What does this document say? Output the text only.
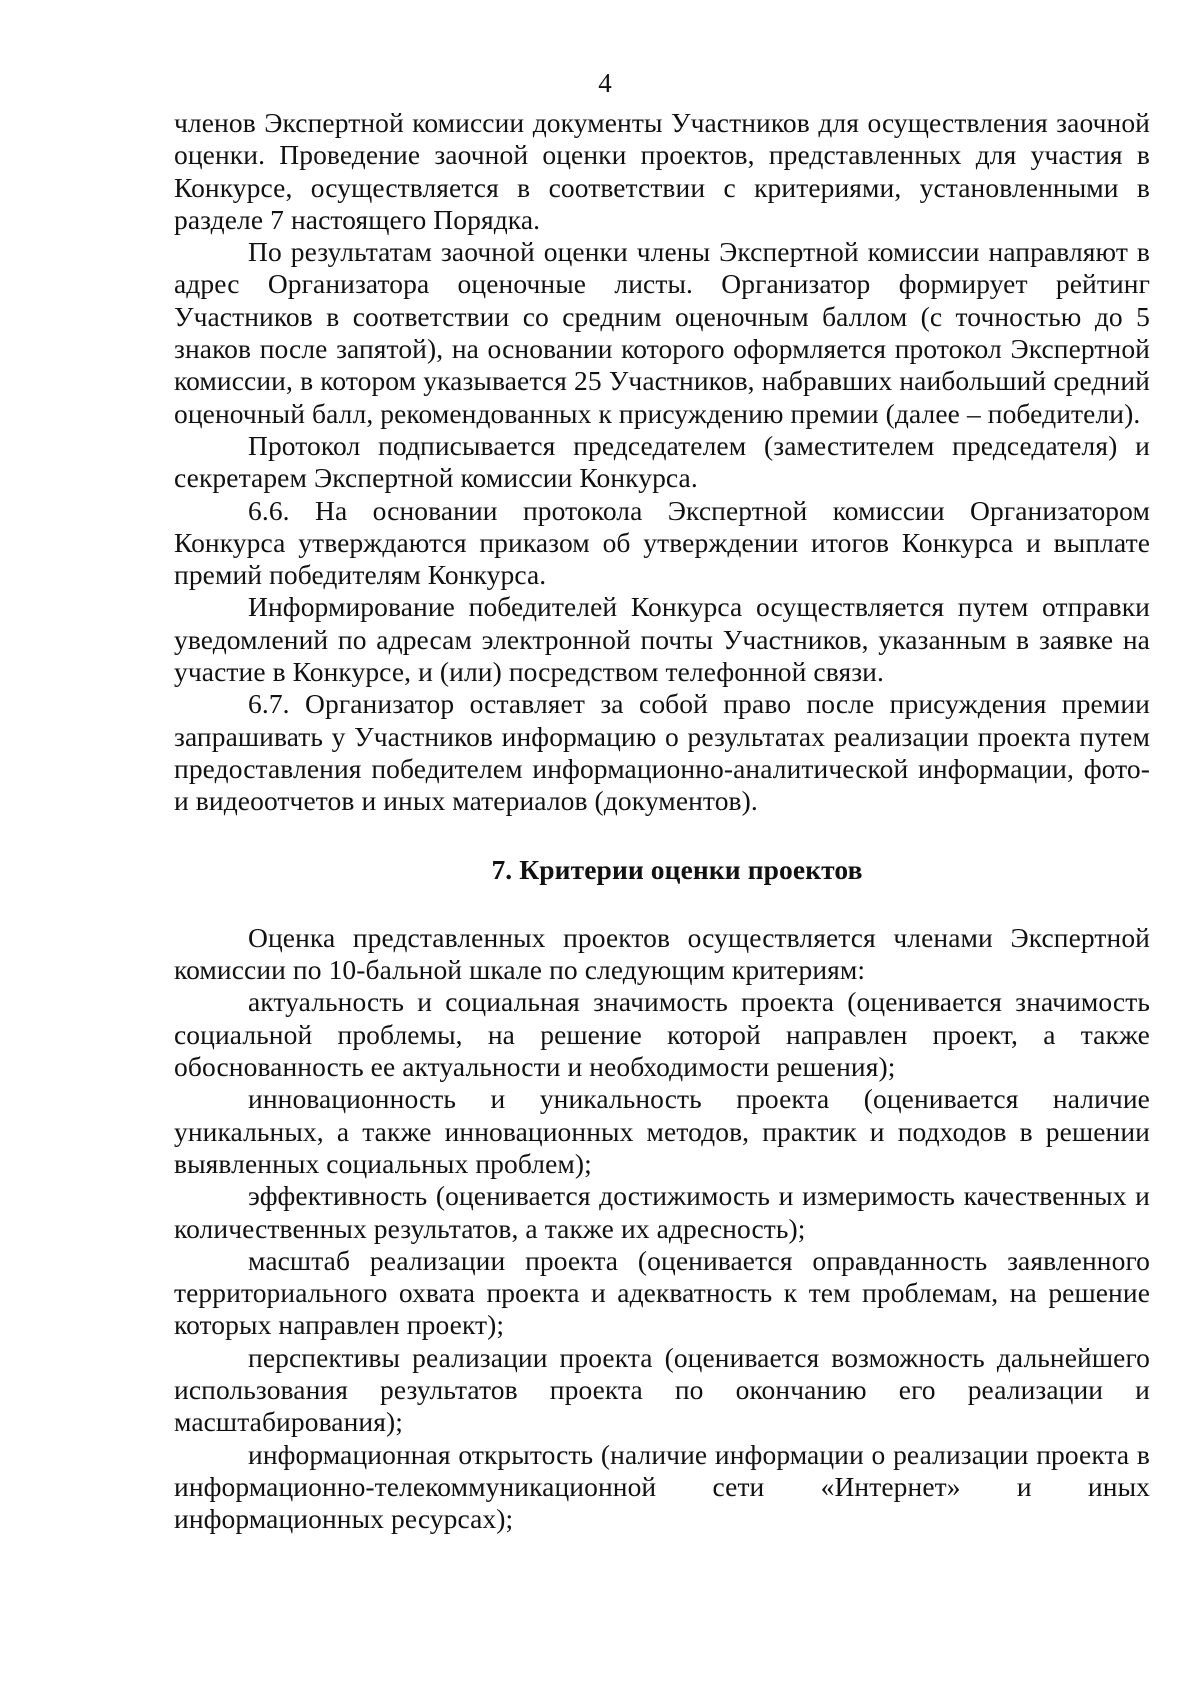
4

членов Экспертной комиссии документы Участников для осуществления заочной оценки. Проведение заочной оценки проектов, представленных для участия в Конкурсе, осуществляется в соответствии с критериями, установленными в разделе 7 настоящего Порядка.

По результатам заочной оценки члены Экспертной комиссии направляют в адрес Организатора оценочные листы. Организатор формирует рейтинг Участников в соответствии со средним оценочным баллом (с точностью до 5 знаков после запятой), на основании которого оформляется протокол Экспертной комиссии, в котором указывается 25 Участников, набравших наибольший средний оценочный балл, рекомендованных к присуждению премии (далее – победители).

Протокол подписывается председателем (заместителем председателя) и секретарем Экспертной комиссии Конкурса.

6.6. На основании протокола Экспертной комиссии Организатором Конкурса утверждаются приказом об утверждении итогов Конкурса и выплате премий победителям Конкурса.

Информирование победителей Конкурса осуществляется путем отправки уведомлений по адресам электронной почты Участников, указанным в заявке на участие в Конкурсе, и (или) посредством телефонной связи.

6.7. Организатор оставляет за собой право после присуждения премии запрашивать у Участников информацию о результатах реализации проекта путем предоставления победителем информационно-аналитической информации, фото- и видеоотчетов и иных материалов (документов).

7. Критерии оценки проектов

Оценка представленных проектов осуществляется членами Экспертной комиссии по 10-бальной шкале по следующим критериям:

актуальность и социальная значимость проекта (оценивается значимость социальной проблемы, на решение которой направлен проект, а также обоснованность ее актуальности и необходимости решения);

инновационность и уникальность проекта (оценивается наличие уникальных, а также инновационных методов, практик и подходов в решении выявленных социальных проблем);

эффективность (оценивается достижимость и измеримость качественных и количественных результатов, а также их адресность);

масштаб реализации проекта (оценивается оправданность заявленного территориального охвата проекта и адекватность к тем проблемам, на решение которых направлен проект);

перспективы реализации проекта (оценивается возможность дальнейшего использования результатов проекта по окончанию его реализации и масштабирования);

информационная открытость (наличие информации о реализации проекта в информационно-телекоммуникационной сети «Интернет» и иных информационных ресурсах);
